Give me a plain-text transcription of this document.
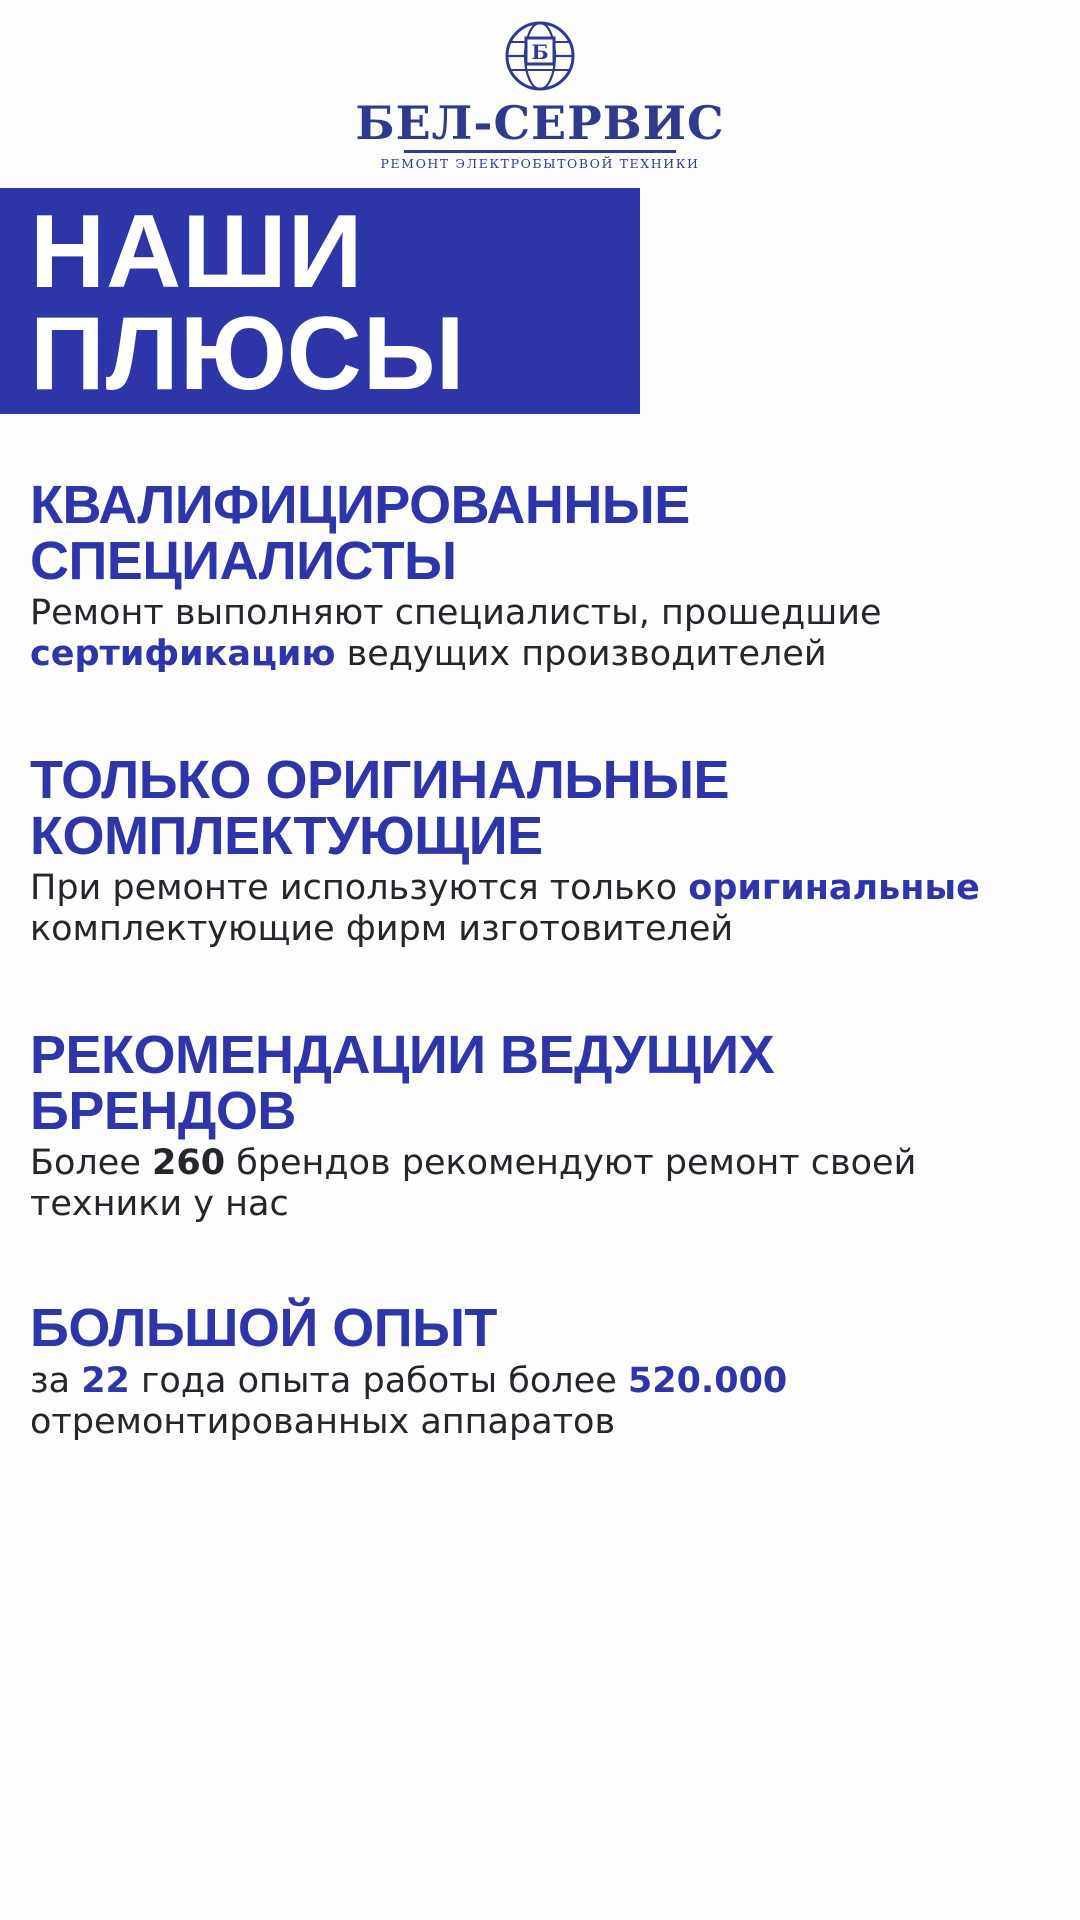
Б
БЕЛ-СЕРВИС
РЕМОНТ ЭЛЕКТРОБЫТОВОЙ ТЕХНИКИ
НАШИ
ПЛЮСЫ
КВАЛИФИЦИРОВАННЫЕ СПЕЦИАЛИСТЫ

Ремонт выполняют специалисты, прошедшие сертификацию ведущих производителей

ТОЛЬКО ОРИГИНАЛЬНЫЕ КОМПЛЕКТУЮЩИЕ

При ремонте используются только оригинальные комплектующие фирм изготовителей

РЕКОМЕНДАЦИИ ВЕДУЩИХ БРЕНДОВ

Более 260 брендов рекомендуют ремонт своей техники у нас

БОЛЬШОЙ ОПЫТ

за 22 года опыта работы более 520.000 отремонтированных аппаратов
